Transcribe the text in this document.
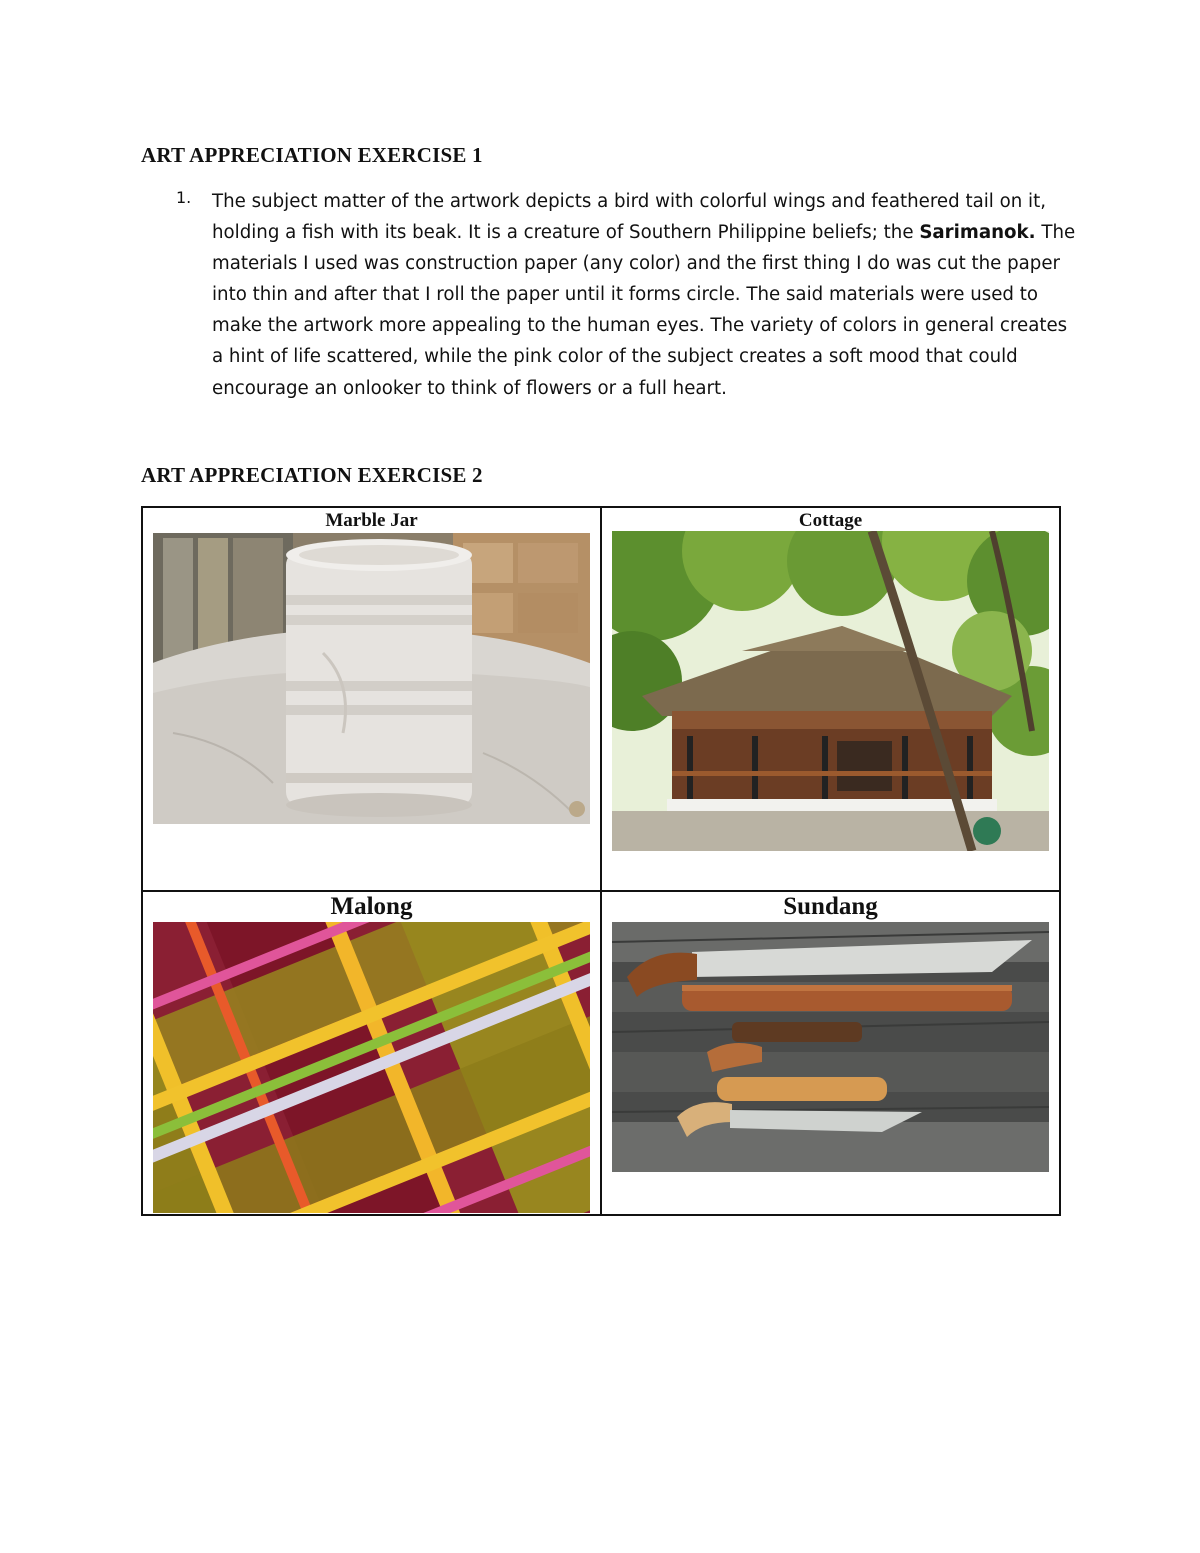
ART APPRECIATION EXERCISE 1
1. The subject matter of the artwork depicts a bird with colorful wings and feathered tail on it, holding a fish with its beak. It is a creature of Southern Philippine beliefs; the Sarimanok. The materials I used was construction paper (any color) and the first thing I do was cut the paper into thin and after that I roll the paper until it forms circle. The said materials were used to make the artwork more appealing to the human eyes. The variety of colors in general creates a hint of life scattered, while the pink color of the subject creates a soft mood that could encourage an onlooker to think of flowers or a full heart.
ART APPRECIATION EXERCISE 2
Marble Jar	Cottage

Malong	Sundang
